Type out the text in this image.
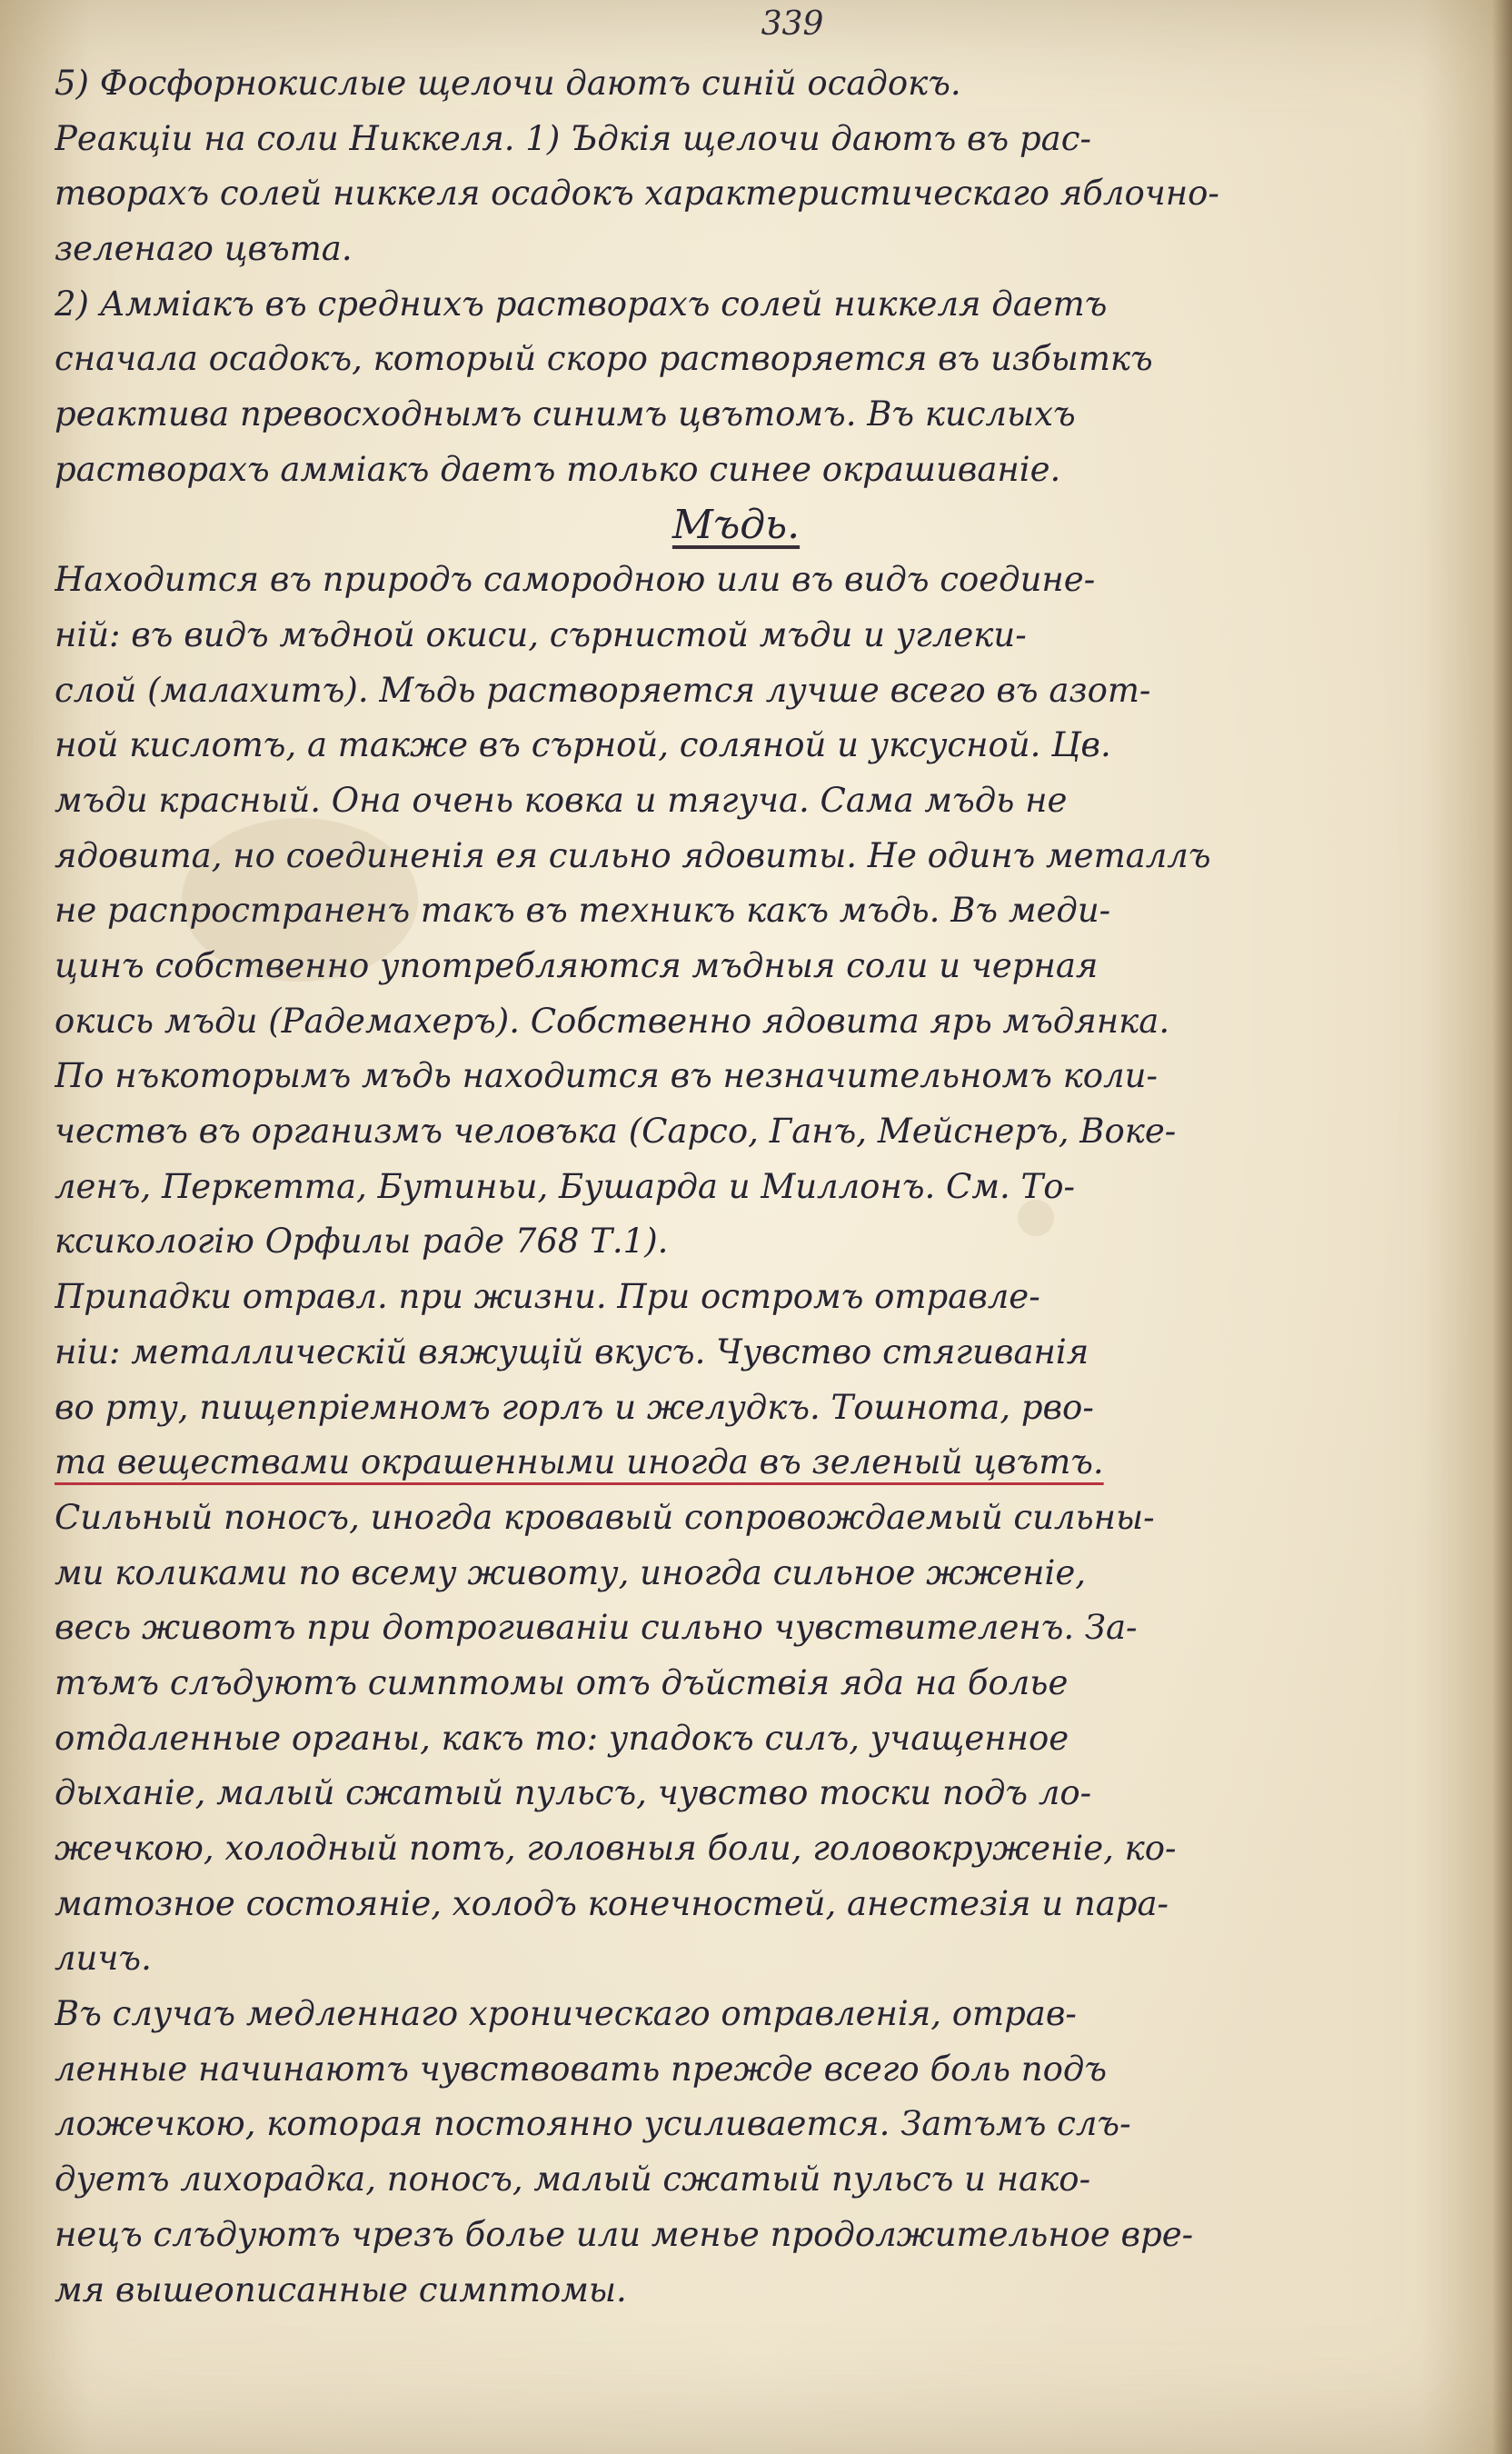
339
5) Фосфорнокислые щелочи даютъ синій осадокъ.
Реакціи на соли Никкеля. 1) Ъдкія щелочи даютъ въ рас-
творахъ солей никкеля осадокъ характеристическаго яблочно-
зеленаго цвъта.
2) Амміакъ въ среднихъ растворахъ солей никкеля даетъ
сначала осадокъ, который скоро растворяется въ избыткъ
реактива превосходнымъ синимъ цвътомъ. Въ кислыхъ
растворахъ амміакъ даетъ только синее окрашиваніе.
Мъдь.
Находится въ природъ самородною или въ видъ соедине-
ній: въ видъ мъдной окиси, сърнистой мъди и углеки-
слой (малахитъ). Мъдь растворяется лучше всего въ азот-
ной кислотъ, а также въ сърной, соляной и уксусной. Цв.
мъди красный. Она очень ковка и тягуча. Сама мъдь не
ядовита, но соединенія ея сильно ядовиты. Не одинъ металлъ
не распространенъ такъ въ техникъ какъ мъдь. Въ меди-
цинъ собственно употребляются мъдныя соли и черная
окись мъди (Радемахеръ). Собственно ядовита ярь мъдянка.
По нъкоторымъ мъдь находится въ незначительномъ коли-
чествъ въ организмъ человъка (Сарсо, Ганъ, Мейснеръ, Воке-
ленъ, Перкетта, Бутиньи, Бушарда и Миллонъ. См. То-
ксикологію Орфилы раде 768 Т.1).
Припадки отравл. при жизни. При остромъ отравле-
ніи: металлическій вяжущій вкусъ. Чувство стягиванія
во рту, пищепріемномъ горлъ и желудкъ. Тошнота, рво-
та веществами окрашенными иногда въ зеленый цвътъ.
Сильный поносъ, иногда кровавый сопровождаемый сильны-
ми коликами по всему животу, иногда сильное жженіе,
весь животъ при дотрогиваніи сильно чувствителенъ. За-
тъмъ слъдуютъ симптомы отъ дъйствія яда на болье
отдаленные органы, какъ то: упадокъ силъ, учащенное
дыханіе, малый сжатый пульсъ, чувство тоски подъ ло-
жечкою, холодный потъ, головныя боли, головокруженіе, ко-
матозное состояніе, холодъ конечностей, анестезія и пара-
личъ.
Въ случаъ медленнаго хроническаго отравленія, отрав-
ленные начинаютъ чувствовать прежде всего боль подъ
ложечкою, которая постоянно усиливается. Затъмъ слъ-
дуетъ лихорадка, поносъ, малый сжатый пульсъ и нако-
нецъ слъдуютъ чрезъ болье или менье продолжительное вре-
мя вышеописанные симптомы.
